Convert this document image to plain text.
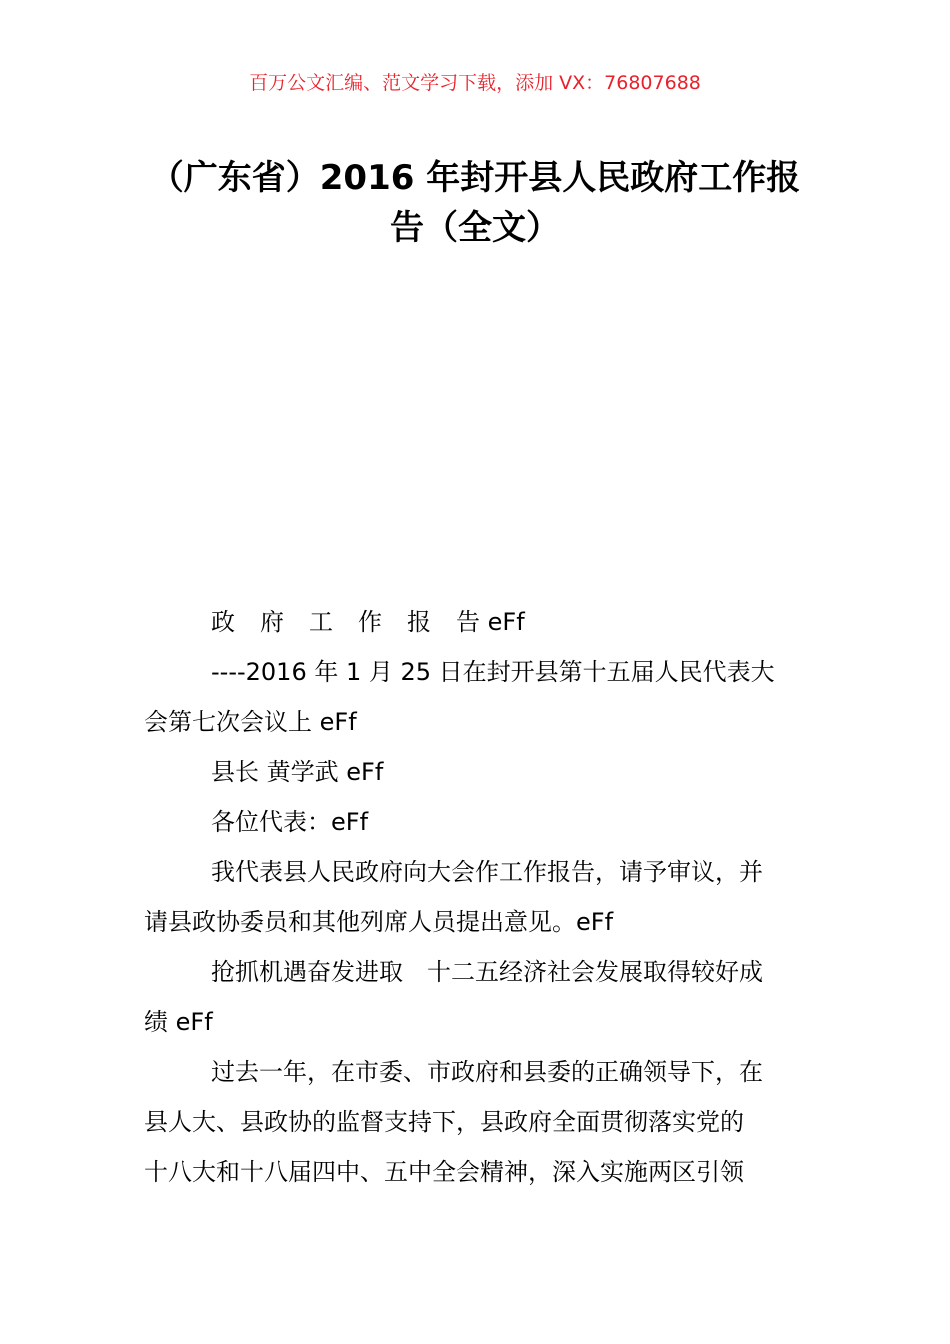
百万公文汇编、范文学习下载，添加 VX：76807688
（广东省）2016 年封开县人民政府工作报
告（全文）
政府工作报告 eFf
----2016 年 1 月 25 日在封开县第十五届人民代表大
会第七次会议上 eFf
县长 黄学武 eFf
各位代表：eFf
我代表县人民政府向大会作工作报告，请予审议，并
请县政协委员和其他列席人员提出意见。eFf
抢抓机遇奋发进取　十二五经济社会发展取得较好成
绩 eFf
过去一年，在市委、市政府和县委的正确领导下，在
县人大、县政协的监督支持下，县政府全面贯彻落实党的
十八大和十八届四中、五中全会精神，深入实施两区引领
